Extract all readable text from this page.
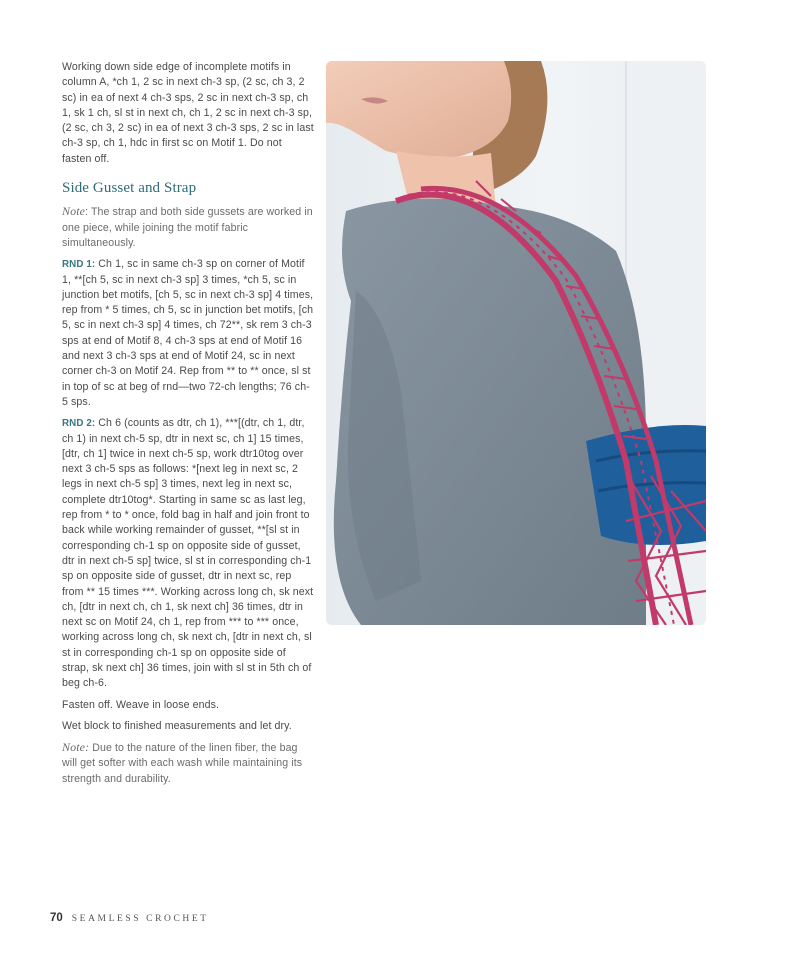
Working down side edge of incomplete motifs in column A, *ch 1, 2 sc in next ch-3 sp, (2 sc, ch 3, 2 sc) in ea of next 4 ch-3 sps, 2 sc in next ch-3 sp, ch 1, sk 1 ch, sl st in next ch, ch 1, 2 sc in next ch-3 sp, (2 sc, ch 3, 2 sc) in ea of next 3 ch-3 sps, 2 sc in last ch-3 sp, ch 1, hdc in first sc on Motif 1. Do not fasten off.

Side Gusset and Strap

Note: The strap and both side gussets are worked in one piece, while joining the motif fabric simultaneously.

RND 1: Ch 1, sc in same ch-3 sp on corner of Motif 1, **[ch 5, sc in next ch-3 sp] 3 times, *ch 5, sc in junction bet motifs, [ch 5, sc in next ch-3 sp] 4 times, rep from * 5 times, ch 5, sc in junction bet motifs, [ch 5, sc in next ch-3 sp] 4 times, ch 72**, sk rem 3 ch-3 sps at end of Motif 8, 4 ch-3 sps at end of Motif 16 and next 3 ch-3 sps at end of Motif 24, sc in next corner ch-3 on Motif 24. Rep from ** to ** once, sl st in top of sc at beg of rnd—two 72-ch lengths; 76 ch-5 sps.

RND 2: Ch 6 (counts as dtr, ch 1), ***[(dtr, ch 1, dtr, ch 1) in next ch-5 sp, dtr in next sc, ch 1] 15 times, [dtr, ch 1] twice in next ch-5 sp, work dtr10tog over next 3 ch-5 sps as follows: *[next leg in next sc, 2 legs in next ch-5 sp] 3 times, next leg in next sc, complete dtr10tog*. Starting in same sc as last leg, rep from * to * once, fold bag in half and join front to back while working remainder of gusset, **[sl st in corresponding ch-1 sp on opposite side of gusset, dtr in next ch-5 sp] twice, sl st in corresponding ch-1 sp on opposite side of gusset, dtr in next sc, rep from ** 15 times ***. Working across long ch, sk next ch, [dtr in next ch, ch 1, sk next ch] 36 times, dtr in next sc on Motif 24, ch 1, rep from *** to *** once, working across long ch, sk next ch, [dtr in next ch, sl st in corresponding ch-1 sp on opposite side of strap, sk next ch] 36 times, join with sl st in 5th ch of beg ch-6.

Fasten off. Weave in loose ends.

Wet block to finished measurements and let dry.

Note: Due to the nature of the linen fiber, the bag will get softer with each wash while maintaining its strength and durability.

70 SEAMLESS CROCHET
